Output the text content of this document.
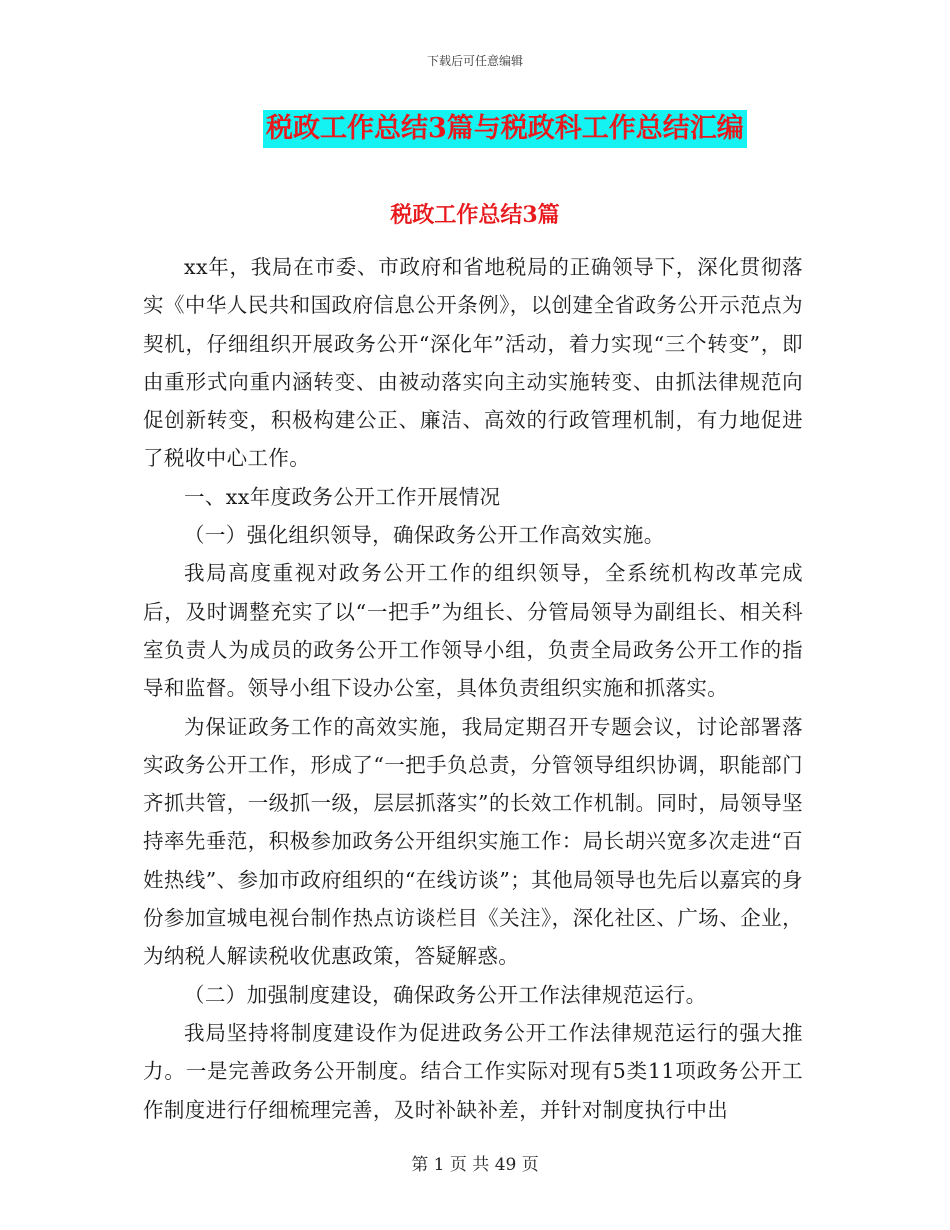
下载后可任意编辑
税政工作总结3篇与税政科工作总结汇编
税政工作总结3篇

xx年，我局在市委、市政府和省地税局的正确领导下，深化贯彻落实《中华人民共和国政府信息公开条例》，以创建全省政务公开示范点为契机，仔细组织开展政务公开“深化年”活动，着力实现“三个转变”，即由重形式向重内涵转变、由被动落实向主动实施转变、由抓法律规范向促创新转变，积极构建公正、廉洁、高效的行政管理机制，有力地促进了税收中心工作。

一、xx年度政务公开工作开展情况

（一）强化组织领导，确保政务公开工作高效实施。

我局高度重视对政务公开工作的组织领导，全系统机构改革完成后，及时调整充实了以“一把手”为组长、分管局领导为副组长、相关科室负责人为成员的政务公开工作领导小组，负责全局政务公开工作的指导和监督。领导小组下设办公室，具体负责组织实施和抓落实。

为保证政务工作的高效实施，我局定期召开专题会议，讨论部署落实政务公开工作，形成了“一把手负总责，分管领导组织协调，职能部门齐抓共管，一级抓一级，层层抓落实”的长效工作机制。同时，局领导坚持率先垂范，积极参加政务公开组织实施工作：局长胡兴宽多次走进“百姓热线”、参加市政府组织的“在线访谈”；其他局领导也先后以嘉宾的身份参加宣城电视台制作热点访谈栏目《关注》，深化社区、广场、企业，为纳税人解读税收优惠政策，答疑解惑。

（二）加强制度建设，确保政务公开工作法律规范运行。

我局坚持将制度建设作为促进政务公开工作法律规范运行的强大推力。一是完善政务公开制度。结合工作实际对现有5类11项政务公开工作制度进行仔细梳理完善，及时补缺补差，并针对制度执行中出

第 1 页 共 49 页
